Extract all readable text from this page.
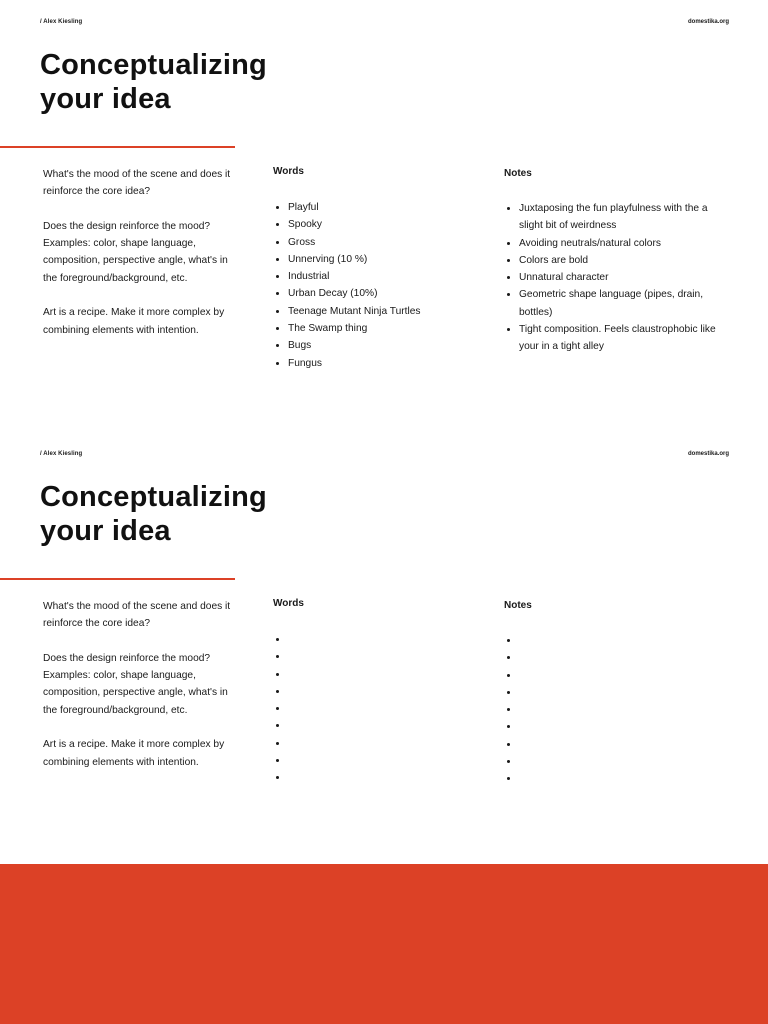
/ Alex Kiesling	domestika.org
Conceptualizing
your idea

What's the mood of the scene and does it reinforce the core idea?

Does the design reinforce the mood? Examples: color, shape language, composition, perspective angle, what's in the foreground/background, etc.

Art is a recipe. Make it more complex by combining elements with intention.

Words
• Playful
• Spooky
• Gross
• Unnerving (10 %)
• Industrial
• Urban Decay (10%)
• Teenage Mutant Ninja Turtles
• The Swamp thing
• Bugs
• Fungus
Notes
• Juxtaposing the fun playfulness with the a slight bit of weirdness
• Avoiding neutrals/natural colors
• Colors are bold
• Unnatural character
• Geometric shape language (pipes, drain, bottles)
• Tight composition. Feels claustrophobic like your in a tight alley
/ Alex Kiesling	domestika.org
Conceptualizing
your idea

What's the mood of the scene and does it reinforce the core idea?

Does the design reinforce the mood? Examples: color, shape language, composition, perspective angle, what's in the foreground/background, etc.

Art is a recipe. Make it more complex by combining elements with intention.

Words
•
•
•
•
•
•
•
•
•	Notes
•
•
•
•
•
•
•
•
•
